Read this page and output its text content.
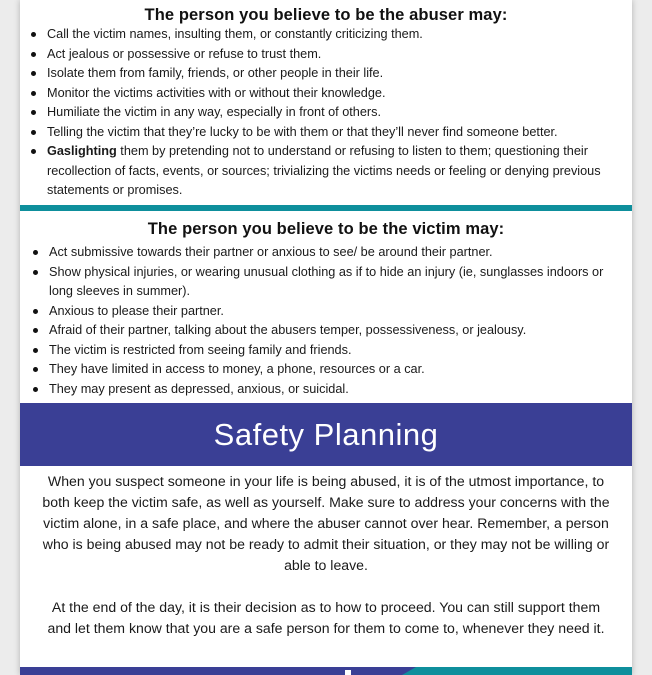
The person you believe to be the abuser may:
Call the victim names, insulting them, or constantly criticizing them.
Act jealous or possessive or refuse to trust them.
Isolate them from family, friends, or other people in their life.
Monitor the victims activities with or without their knowledge.
Humiliate the victim in any way, especially in front of others.
Telling the victim that they’re lucky to be with them or that they’ll never find someone better.
Gaslighting them by pretending not to understand or refusing to listen to them; questioning their recollection of facts, events, or sources; trivializing the victims needs or feeling or denying previous statements or promises.
The person you believe to be the victim may:
Act submissive towards their partner or anxious to see/ be around their partner.
Show physical injuries, or wearing unusual clothing as if to hide an injury (ie, sunglasses indoors or long sleeves in summer).
Anxious to please their partner.
Afraid of their partner, talking about the abusers temper, possessiveness, or jealousy.
The victim is restricted from seeing family and friends.
They have limited in access to money, a phone, resources or a car.
They may present as depressed, anxious, or suicidal.
Safety Planning

When you suspect someone in your life is being abused, it is of the utmost importance, to both keep the victim safe, as well as yourself. Make sure to address your concerns with the victim alone, in a safe place, and where the abuser cannot over hear. Remember, a person who is being abused may not be ready to admit their situation, or they may not be willing or able to leave.

At the end of the day, it is their decision as to how to proceed. You can still support them and let them know that you are a safe person for them to come to, whenever they need it.
